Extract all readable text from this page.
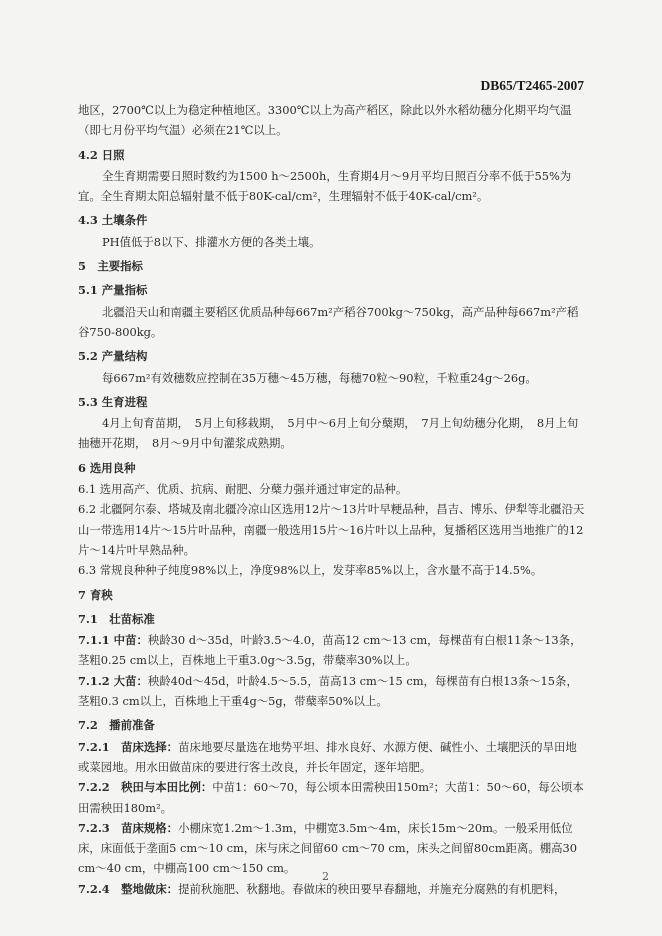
DB65/T2465-2007
地区，2700℃以上为稳定种植地区。3300℃以上为高产稻区，除此以外水稻幼穗分化期平均气温（即七月份平均气温）必须在21℃以上。
4.2 日照
全生育期需要日照时数约为1500 h～2500h，生育期4月～9月平均日照百分率不低于55%为宜。全生育期太阳总辐射量不低于80K-cal/cm²，生理辐射不低于40K-cal/cm²。
4.3 土壤条件
PH值低于8以下、排灌水方便的各类土壤。
5　主要指标
5.1 产量指标
北疆沿天山和南疆主要稻区优质品种每667m²产稻谷700kg～750kg，高产品种每667m²产稻谷750-800kg。
5.2 产量结构
每667m²有效穗数应控制在35万穗～45万穗，每穗70粒～90粒，千粒重24g～26g。
5.3 生育进程
4月上旬育苗期，　5月上旬移栽期，　5月中～6月上旬分蘖期，　7月上旬幼穗分化期，　8月上旬抽穗开花期，　8月～9月中旬灌浆成熟期。
6 选用良种
6.1 选用高产、优质、抗病、耐肥、分蘖力强并通过审定的品种。
6.2 北疆阿尔泰、塔城及南北疆冷凉山区选用12片～13片叶早粳品种，昌吉、博乐、伊犁等北疆沿天山一带选用14片～15片叶品种，南疆一般选用15片～16片叶以上品种，复播稻区选用当地推广的12片～14片叶早熟品种。
6.3 常规良种种子纯度98%以上，净度98%以上，发芽率85%以上，含水量不高于14.5%。
7 育秧
7.1　壮苗标准
7.1.1 中苗：秧龄30 d～35d，叶龄3.5～4.0，苗高12 cm～13 cm，每棵苗有白根11条～13条，茎粗0.25 cm以上，百株地上干重3.0g～3.5g，带蘖率30%以上。
7.1.2 大苗：秧龄40d～45d，叶龄4.5～5.5，苗高13 cm～15 cm，每棵苗有白根13条～15条，茎粗0.3 cm以上，百株地上干重4g～5g，带蘖率50%以上。
7.2　播前准备
7.2.1　苗床选择：苗床地要尽量选在地势平坦、排水良好、水源方便、碱性小、土壤肥沃的旱田地或菜园地。用水田做苗床的要进行客土改良，并长年固定，逐年培肥。
7.2.2　秧田与本田比例：中苗1：60～70，每公顷本田需秧田150m²；大苗1：50～60，每公顷本田需秧田180m²。
7.2.3　苗床规格：小棚床宽1.2m～1.3m，中棚宽3.5m～4m，床长15m～20m。一般采用低位床，床面低于垄面5 cm～10 cm，床与床之间留60 cm～70 cm，床头之间留80cm距离。棚高30 cm～40 cm，中棚高100 cm～150 cm。
7.2.4　整地做床：提前秋施肥、秋翻地。春做床的秧田要早春翻地，并施充分腐熟的有机肥料，
2
